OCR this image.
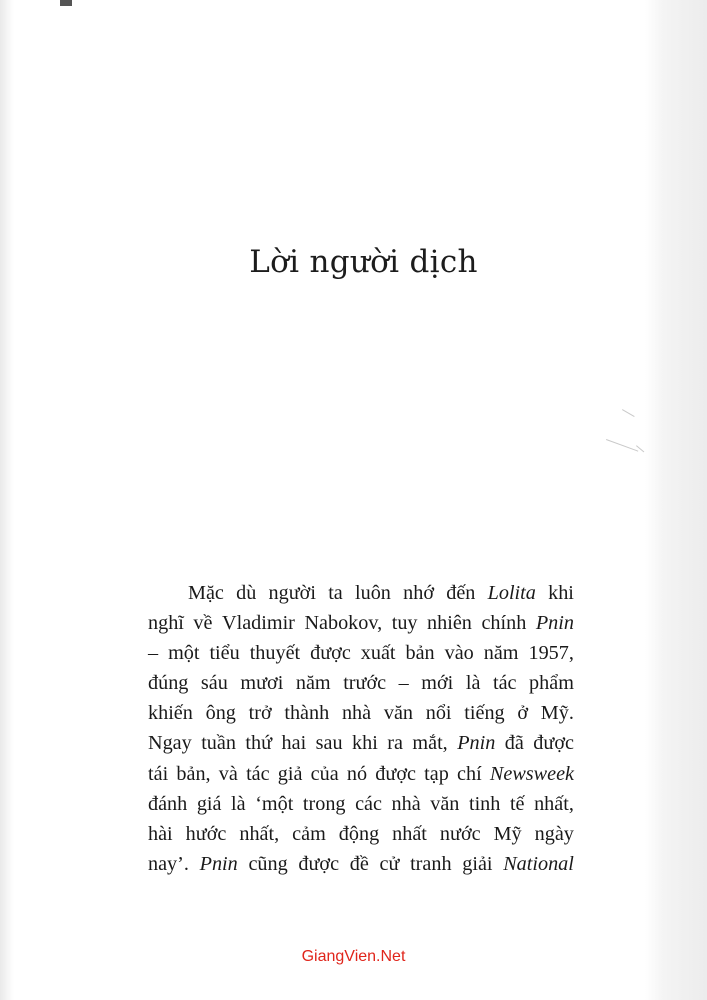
Lời người dịch
Mặc dù người ta luôn nhớ đến Lolita khi
nghĩ về Vladimir Nabokov, tuy nhiên chính Pnin
– một tiểu thuyết được xuất bản vào năm 1957,
đúng sáu mươi năm trước – mới là tác phẩm
khiến ông trở thành nhà văn nổi tiếng ở Mỹ.
Ngay tuần thứ hai sau khi ra mắt, Pnin đã được
tái bản, và tác giả của nó được tạp chí Newsweek
đánh giá là ‘một trong các nhà văn tinh tế nhất,
hài hước nhất, cảm động nhất nước Mỹ ngày
nay’. Pnin cũng được đề cử tranh giải National
GiangVien.Net
